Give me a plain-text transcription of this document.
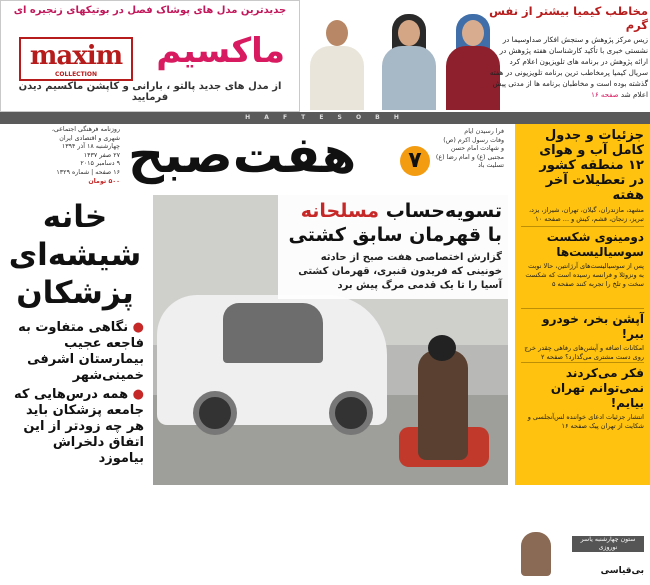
جدیدترین مدل های پوشاک فصل در بوتیکهای زنجیره ای
maxim
COLLECTION
ماکسیم
از مدل های جدید پالتو ، بارانی و کاپشن ماکسیم دیدن فرمایید
مخاطب کیمیا بیشتر از نفس گرم

زیس مرکز پژوهش و سنجش افکار صداوسیما در نشستی خبری با تأکید کارشناسان هفته پژوهش در ارائه پژوهش در برنامه های تلویزیون اعلام کرد سریال کیمیا پرمخاطب ترین برنامه تلویزیونی در هفته گذشته بوده است و مخاطبان برنامه ها از مدتی پیش اعلام شد صفحه ۱۶

H A F T E S O B H
روزنامه فرهنگی اجتماعی،
شهری و اقتصادی ایران
چهارشنبه ۱۸ آذر ۱۳۹۴
۲۷ صفر ۱۴۳۷
۹ دسامبر ۲۰۱۵
۱۶ صفحه | شماره ۱۳۲۹
۵۰۰ تومان هفت‌صبح	۷
فرا رسیدن ایام
وفات رسول اکرم (ص)
و شهادت امام حسن
مجتبی (ع) و امام رضا (ع)
تسلیت باد
جزئیات و جدول کامل آب و هوای ۱۲ منطقه کشور در تعطیلات آخر هفته
مشهد، مازندران، گیلان، تهران، شیراز، یزد، تبریز، زنجان، قشم، کیش و ... صفحه ۱۰
دومینوی شکست سوسیالیست‌ها
پس از سوسیالیست‌های آرژانتین، حالا نوبت به ونزوئلا و فرانسه رسیده است که شکست سخت و تلخ را تجربه کنند صفحه ۵
آپشن بخر، خودرو ببر!
امکانات اضافه و آپشن‌های رفاهی چقدر خرج روی دست مشتری می‌گذارد؟ صفحه ۲
فکر می‌کردند نمی‌توانم تهران بیایم!
انتشار جزئیات ادعای خواننده لس‌آنجلسی و شکایت از تهران پیک صفحه ۱۶
ستون چهارشنبه یاسر نوروزی
بی‌قیاسی
خانه شیشه‌ای پزشکان
● نگاهی متفاوت به فاجعه عجیب بیمارستان اشرفی خمینی‌شهر
● همه درس‌هایی که جامعه پزشکان باید هر چه زودتر از این اتفاق دلخراش بیاموزد
تسویه‌حساب مسلحانه با قهرمان سابق کشتی
گزارش اختصاصی هفت صبح از حادثه خونینی که فریدون قنبری، قهرمان کشتی آسیا را تا یک قدمی مرگ پیش برد
